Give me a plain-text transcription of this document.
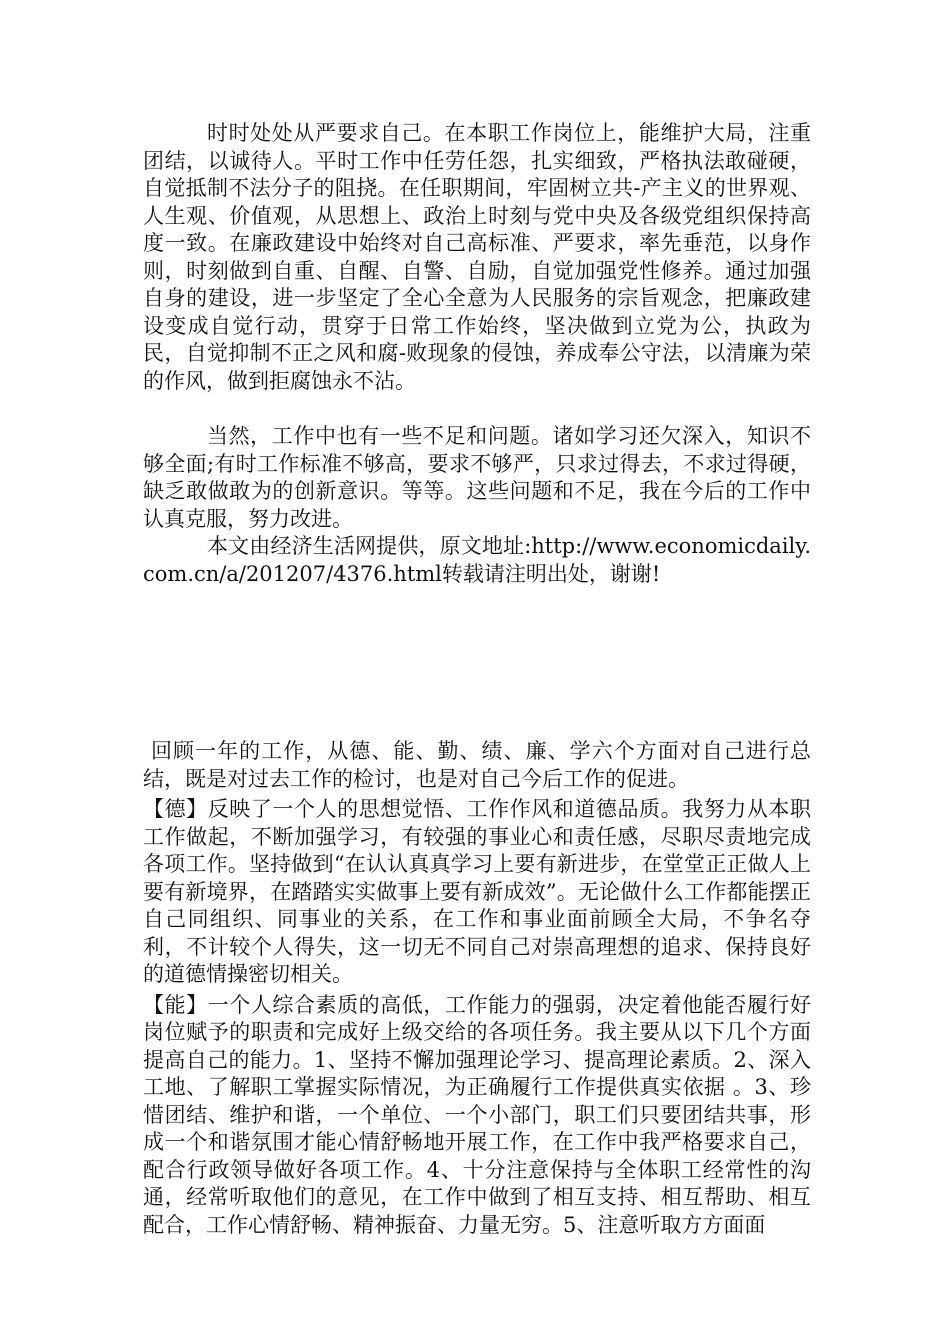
时时处处从严要求自己。在本职工作岗位上，能维护大局，注重团结，以诚待人。平时工作中任劳任怨，扎实细致，严格执法敢碰硬，自觉抵制不法分子的阻挠。在任职期间，牢固树立共-产主义的世界观、人生观、价值观，从思想上、政治上时刻与党中央及各级党组织保持高度一致。在廉政建设中始终对自己高标准、严要求，率先垂范，以身作则，时刻做到自重、自醒、自警、自励，自觉加强党性修养。通过加强自身的建设，进一步坚定了全心全意为人民服务的宗旨观念，把廉政建设变成自觉行动，贯穿于日常工作始终，坚决做到立党为公，执政为民，自觉抑制不正之风和腐-败现象的侵蚀，养成奉公守法，以清廉为荣的作风，做到拒腐蚀永不沾。

当然，工作中也有一些不足和问题。诸如学习还欠深入，知识不够全面;有时工作标准不够高，要求不够严，只求过得去，不求过得硬，缺乏敢做敢为的创新意识。等等。这些问题和不足，我在今后的工作中认真克服，努力改进。

本文由经济生活网提供，原文地址:http://www.economicdaily.com.cn/a/201207/4376.html转载请注明出处，谢谢!

回顾一年的工作，从德、能、勤、绩、廉、学六个方面对自己进行总结，既是对过去工作的检讨，也是对自己今后工作的促进。

【德】反映了一个人的思想觉悟、工作作风和道德品质。我努力从本职工作做起，不断加强学习，有较强的事业心和责任感，尽职尽责地完成各项工作。坚持做到“在认认真真学习上要有新进步，在堂堂正正做人上要有新境界，在踏踏实实做事上要有新成效”。无论做什么工作都能摆正自己同组织、同事业的关系，在工作和事业面前顾全大局，不争名夺利，不计较个人得失，这一切无不同自己对崇高理想的追求、保持良好的道德情操密切相关。

【能】一个人综合素质的高低，工作能力的强弱，决定着他能否履行好岗位赋予的职责和完成好上级交给的各项任务。我主要从以下几个方面提高自己的能力。1、坚持不懈加强理论学习、提高理论素质。2、深入工地、了解职工掌握实际情况，为正确履行工作提供真实依据 。3、珍惜团结、维护和谐，一个单位、一个小部门，职工们只要团结共事，形成一个和谐氛围才能心情舒畅地开展工作，在工作中我严格要求自己，配合行政领导做好各项工作。4、十分注意保持与全体职工经常性的沟通，经常听取他们的意见，在工作中做到了相互支持、相互帮助、相互配合，工作心情舒畅、精神振奋、力量无穷。5、注意听取方方面面
